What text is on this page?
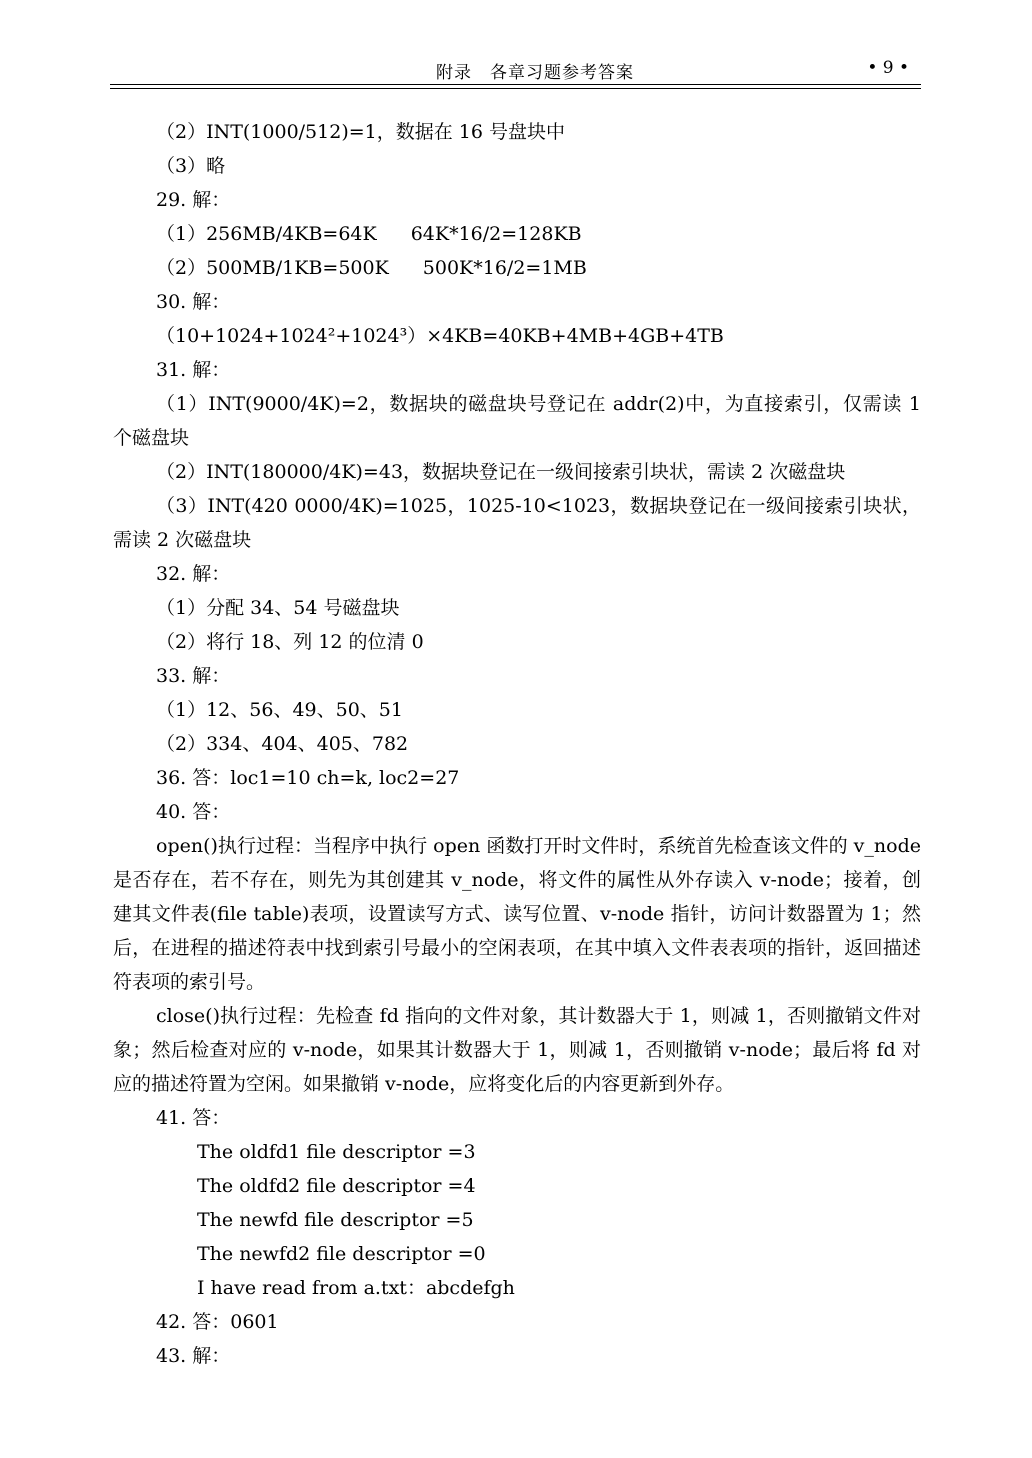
附录　各章习题参考答案	• 9 •
（2）INT(1000/512)=1，数据在 16 号盘块中
（3）略
29. 解：
（1）256MB/4KB=64K 64K*16/2=128KB
（2）500MB/1KB=500K 500K*16/2=1MB
30. 解：
（10+1024+1024²+1024³）×4KB=40KB+4MB+4GB+4TB
31. 解：
（1）INT(9000/4K)=2，数据块的磁盘块号登记在 addr(2)中，为直接索引，仅需读 1 个磁盘块
（2）INT(180000/4K)=43，数据块登记在一级间接索引块状，需读 2 次磁盘块
（3）INT(420 0000/4K)=1025，1025-10<1023，数据块登记在一级间接索引块状，需读 2 次磁盘块
32. 解：
（1）分配 34、54 号磁盘块
（2）将行 18、列 12 的位清 0
33. 解：
（1）12、56、49、50、51
（2）334、404、405、782
36. 答：loc1=10 ch=k, loc2=27
40. 答：
open()执行过程：当程序中执行 open 函数打开时文件时，系统首先检查该文件的 v_node 是否存在，若不存在，则先为其创建其 v_node，将文件的属性从外存读入 v-node；接着，创建其文件表(file table)表项，设置读写方式、读写位置、v-node 指针，访问计数器置为 1；然后，在进程的描述符表中找到索引号最小的空闲表项，在其中填入文件表表项的指针，返回描述符表项的索引号。
close()执行过程：先检查 fd 指向的文件对象，其计数器大于 1，则减 1，否则撤销文件对象；然后检查对应的 v-node，如果其计数器大于 1，则减 1，否则撤销 v-node；最后将 fd 对应的描述符置为空闲。如果撤销 v-node，应将变化后的内容更新到外存。
41. 答：
The oldfd1 file descriptor =3
The oldfd2 file descriptor =4
The newfd file descriptor =5
The newfd2 file descriptor =0
I have read from a.txt：abcdefgh
42. 答：0601
43. 解：
